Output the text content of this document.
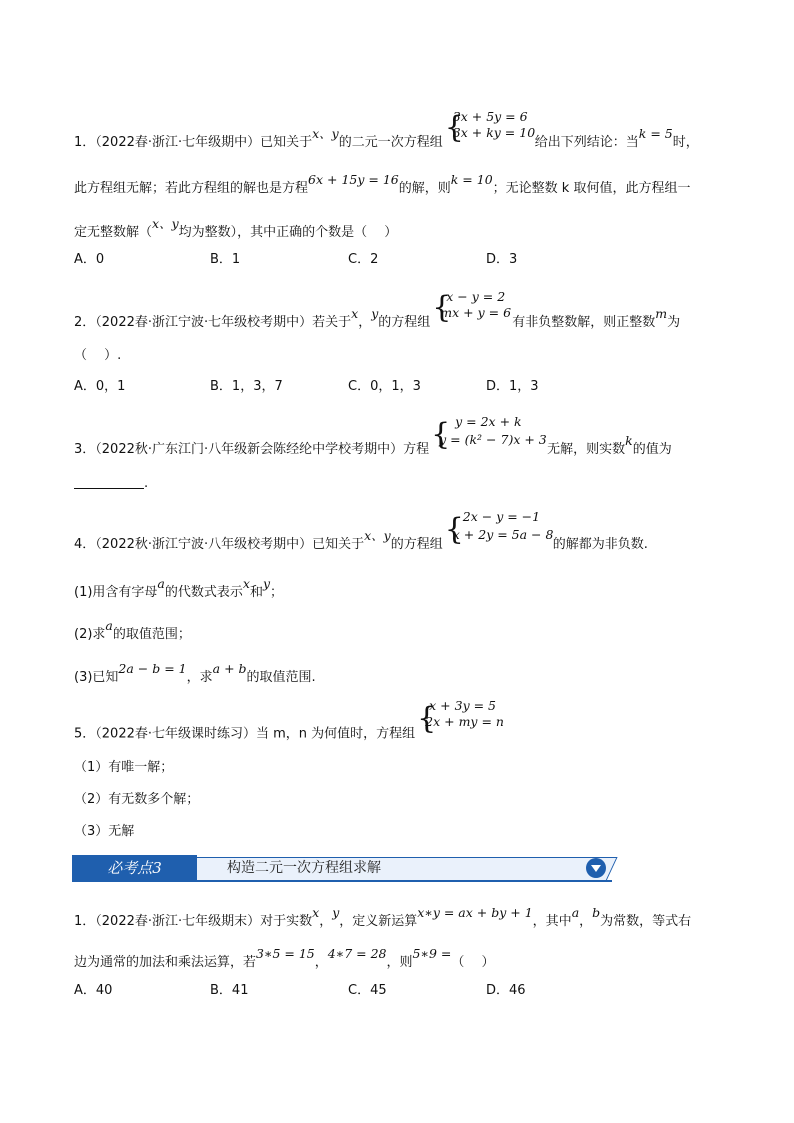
1．（2022春·浙江·七年级期中）已知关于x、y的二元一次方程组 {
3x + 5y = 6
3x + ky = 10
给出下列结论：当k = 5时，
此方程组无解；若此方程组的解也是方程6x + 15y = 16的解，则k = 10；无论整数 k 取何值，此方程组一
定无整数解（x、y均为整数），其中正确的个数是（　 ）
A．0	B．1	C．2	D．3
2．（2022春·浙江宁波·七年级校考期中）若关于x，y的方程组 {
x − y = 2
mx + y = 6
有非负整数解，则正整数m为
（　 ）.
A．0，1	B．1，3，7	C．0，1，3	D．1，3
3．（2022秋·广东江门·八年级新会陈经纶中学校考期中）方程 { y = 2x + k
y = (k² − 7)x + 3
无解，则实数k的值为
.
4．（2022秋·浙江宁波·八年级校考期中）已知关于x、y的方程组 {
2x − y = −1
x + 2y = 5a − 8
的解都为非负数.
(1)用含有字母a的代数式表示x和y；
(2)求a的取值范围；
(3)已知2a − b = 1，求a + b的取值范围.
5．（2022春·七年级课时练习）当 m，n 为何值时，方程组 {
x + 3y = 5
2x + my = n
（1）有唯一解；
（2）有无数多个解；
（3）无解
必考点3	构造二元一次方程组求解
1．（2022春·浙江·七年级期末）对于实数x，y，定义新运算x∗y = ax + by + 1，其中a，b为常数，等式右
边为通常的加法和乘法运算，若3∗5 = 15，4∗7 = 28，则5∗9 =（　 ）
A．40	B．41	C．45	D．46
